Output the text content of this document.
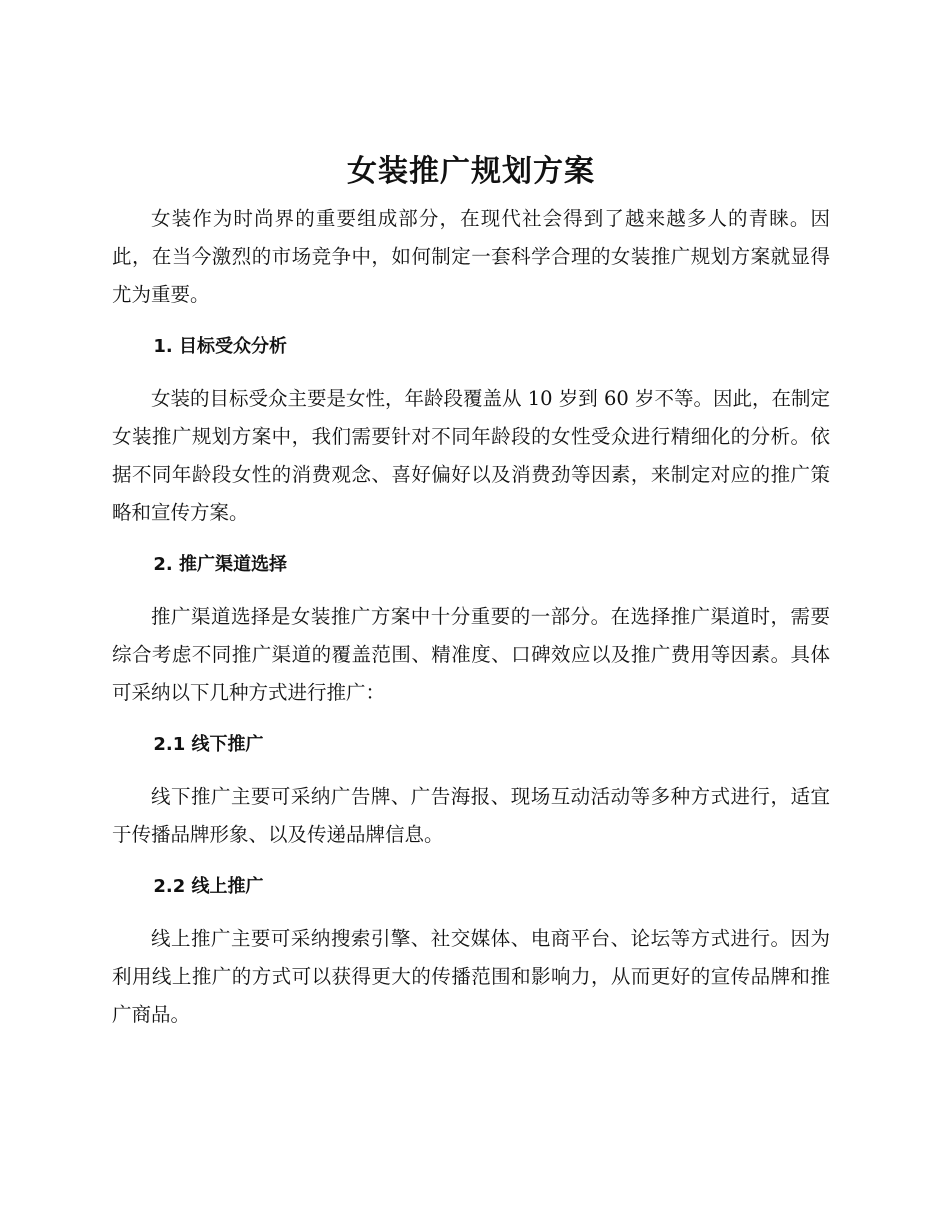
女装推广规划方案

女装作为时尚界的重要组成部分，在现代社会得到了越来越多人的青睐。因此，在当今激烈的市场竞争中，如何制定一套科学合理的女装推广规划方案就显得尤为重要。

1. 目标受众分析

女装的目标受众主要是女性，年龄段覆盖从 10 岁到 60 岁不等。因此，在制定女装推广规划方案中，我们需要针对不同年龄段的女性受众进行精细化的分析。依据不同年龄段女性的消费观念、喜好偏好以及消费劲等因素，来制定对应的推广策略和宣传方案。

2. 推广渠道选择

推广渠道选择是女装推广方案中十分重要的一部分。在选择推广渠道时，需要综合考虑不同推广渠道的覆盖范围、精准度、口碑效应以及推广费用等因素。具体可采纳以下几种方式进行推广：

2.1 线下推广

线下推广主要可采纳广告牌、广告海报、现场互动活动等多种方式进行，适宜于传播品牌形象、以及传递品牌信息。

2.2 线上推广

线上推广主要可采纳搜索引擎、社交媒体、电商平台、论坛等方式进行。因为利用线上推广的方式可以获得更大的传播范围和影响力，从而更好的宣传品牌和推广商品。
